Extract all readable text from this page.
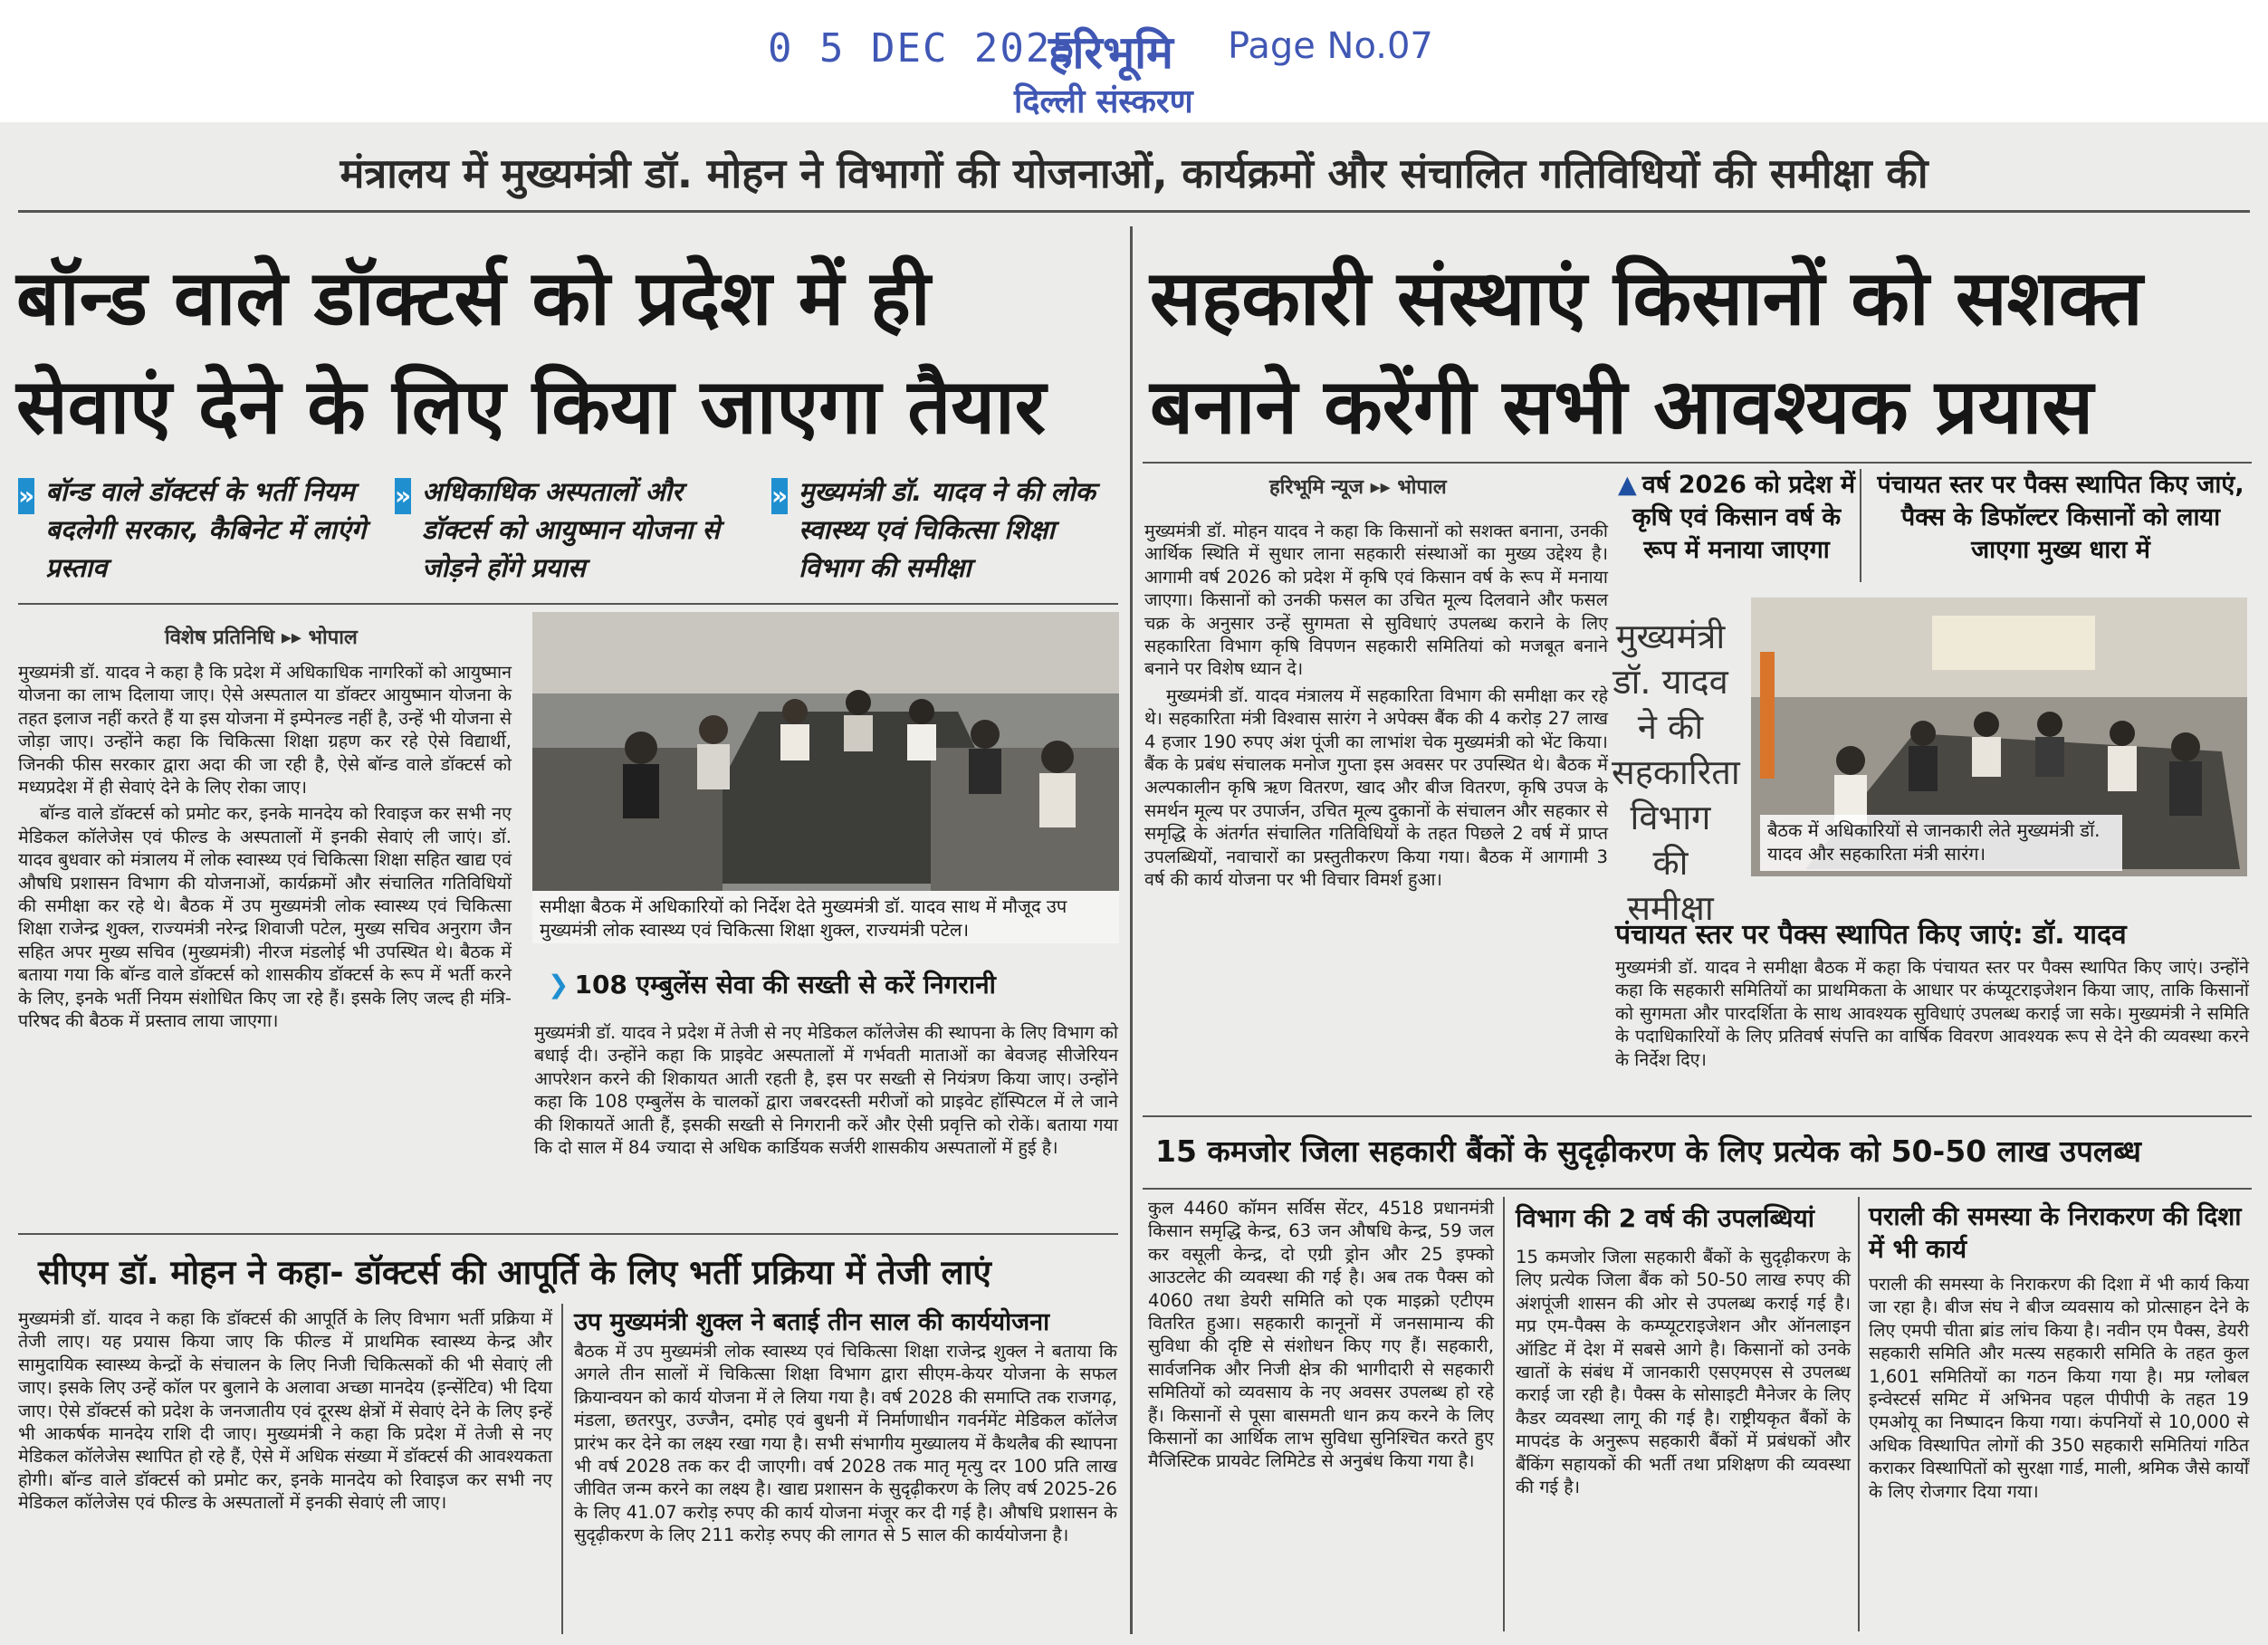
0 5 DEC 2025
हरिभूमि Page No.07
दिल्ली संस्करण
मंत्रालय में मुख्यमंत्री डॉ. मोहन ने विभागों की योजनाओं, कार्यक्रमों और संचालित गतिविधियों की समीक्षा की
बॉन्ड वाले डॉक्टर्स को प्रदेश में ही
सेवाएं देने के लिए किया जाएगा तैयार
सहकारी संस्थाएं किसानों को सशक्त
बनाने करेंगी सभी आवश्यक प्रयास
» बॉन्ड वाले डॉक्टर्स के भर्ती नियम बदलेगी सरकार, कैबिनेट में लाएंगे प्रस्ताव
» अधिकाधिक अस्पतालों और डॉक्टर्स को आयुष्मान योजना से जोड़ने होंगे प्रयास
» मुख्यमंत्री डॉ. यादव ने की लोक स्वास्थ्य एवं चिकित्सा शिक्षा विभाग की समीक्षा
विशेष प्रतिनिधि ▸▸ भोपाल

मुख्यमंत्री डॉ. यादव ने कहा है कि प्रदेश में अधिकाधिक नागरिकों को आयुष्मान योजना का लाभ दिलाया जाए। ऐसे अस्पताल या डॉक्टर आयुष्मान योजना के तहत इलाज नहीं करते हैं या इस योजना में इम्पेनल्ड नहीं है, उन्हें भी योजना से जोड़ा जाए। उन्होंने कहा कि चिकित्सा शिक्षा ग्रहण कर रहे ऐसे विद्यार्थी, जिनकी फीस सरकार द्वारा अदा की जा रही है, ऐसे बॉन्ड वाले डॉक्टर्स को मध्यप्रदेश में ही सेवाएं देने के लिए रोका जाए।

बॉन्ड वाले डॉक्टर्स को प्रमोट कर, इनके मानदेय को रिवाइज कर सभी नए मेडिकल कॉलेजेस एवं फील्ड के अस्पतालों में इनकी सेवाएं ली जाएं। डॉ. यादव बुधवार को मंत्रालय में लोक स्वास्थ्य एवं चिकित्सा शिक्षा सहित खाद्य एवं औषधि प्रशासन विभाग की योजनाओं, कार्यक्रमों और संचालित गतिविधियों की समीक्षा कर रहे थे। बैठक में उप मुख्यमंत्री लोक स्वास्थ्य एवं चिकित्सा शिक्षा राजेन्द्र शुक्ल, राज्यमंत्री नरेन्द्र शिवाजी पटेल, मुख्य सचिव अनुराग जैन सहित अपर मुख्य सचिव (मुख्यमंत्री) नीरज मंडलोई भी उपस्थित थे। बैठक में बताया गया कि बॉन्ड वाले डॉक्टर्स को शासकीय डॉक्टर्स के रूप में भर्ती करने के लिए, इनके भर्ती नियम संशोधित किए जा रहे हैं। इसके लिए जल्द ही मंत्रि-परिषद की बैठक में प्रस्ताव लाया जाएगा।

समीक्षा बैठक में अधिकारियों को निर्देश देते मुख्यमंत्री डॉ. यादव साथ में मौजूद उप मुख्यमंत्री लोक स्वास्थ्य एवं चिकित्सा शिक्षा शुक्ल, राज्यमंत्री पटेल।
❯ 108 एम्बुलेंस सेवा की सख्ती से करें निगरानी
मुख्यमंत्री डॉ. यादव ने प्रदेश में तेजी से नए मेडिकल कॉलेजेस की स्थापना के लिए विभाग को बधाई दी। उन्होंने कहा कि प्राइवेट अस्पतालों में गर्भवती माताओं का बेवजह सीजेरियन आपरेशन करने की शिकायत आती रहती है, इस पर सख्ती से नियंत्रण किया जाए। उन्होंने कहा कि 108 एम्बुलेंस के चालकों द्वारा जबरदस्ती मरीजों को प्राइवेट हॉस्पिटल में ले जाने की शिकायतें आती हैं, इसकी सख्ती से निगरानी करें और ऐसी प्रवृत्ति को रोकें। बताया गया कि दो साल में 84 ज्यादा से अधिक कार्डियक सर्जरी शासकीय अस्पतालों में हुई है।
सीएम डॉ. मोहन ने कहा- डॉक्टर्स की आपूर्ति के लिए भर्ती प्रक्रिया में तेजी लाएं
मुख्यमंत्री डॉ. यादव ने कहा कि डॉक्टर्स की आपूर्ति के लिए विभाग भर्ती प्रक्रिया में तेजी लाए। यह प्रयास किया जाए कि फील्ड में प्राथमिक स्वास्थ्य केन्द्र और सामुदायिक स्वास्थ्य केन्द्रों के संचालन के लिए निजी चिकित्सकों की भी सेवाएं ली जाए। इसके लिए उन्हें कॉल पर बुलाने के अलावा अच्छा मानदेय (इन्सेंटिव) भी दिया जाए। ऐसे डॉक्टर्स को प्रदेश के जनजातीय एवं दूरस्थ क्षेत्रों में सेवाएं देने के लिए इन्हें भी आकर्षक मानदेय राशि दी जाए। मुख्यमंत्री ने कहा कि प्रदेश में तेजी से नए मेडिकल कॉलेजेस स्थापित हो रहे हैं, ऐसे में अधिक संख्या में डॉक्टर्स की आवश्यकता होगी। बॉन्ड वाले डॉक्टर्स को प्रमोट कर, इनके मानदेय को रिवाइज कर सभी नए मेडिकल कॉलेजेस एवं फील्ड के अस्पतालों में इनकी सेवाएं ली जाए।
उप मुख्यमंत्री शुक्ल ने बताई तीन साल की कार्ययोजना
बैठक में उप मुख्यमंत्री लोक स्वास्थ्य एवं चिकित्सा शिक्षा राजेन्द्र शुक्ल ने बताया कि अगले तीन सालों में चिकित्सा शिक्षा विभाग द्वारा सीएम-केयर योजना के सफल क्रियान्वयन को कार्य योजना में ले लिया गया है। वर्ष 2028 की समाप्ति तक राजगढ़, मंडला, छतरपुर, उज्जैन, दमोह एवं बुधनी में निर्माणाधीन गवर्नमेंट मेडिकल कॉलेज प्रारंभ कर देने का लक्ष्य रखा गया है। सभी संभागीय मुख्यालय में कैथलैब की स्थापना भी वर्ष 2028 तक कर दी जाएगी। वर्ष 2028 तक मातृ मृत्यु दर 100 प्रति लाख जीवित जन्म करने का लक्ष्य है। खाद्य प्रशासन के सुदृढ़ीकरण के लिए वर्ष 2025-26 के लिए 41.07 करोड़ रुपए की कार्य योजना मंजूर कर दी गई है। औषधि प्रशासन के सुदृढ़ीकरण के लिए 211 करोड़ रुपए की लागत से 5 साल की कार्ययोजना है।
हरिभूमि न्यूज ▸▸ भोपाल

मुख्यमंत्री डॉ. मोहन यादव ने कहा कि किसानों को सशक्त बनाना, उनकी आर्थिक स्थिति में सुधार लाना सहकारी संस्थाओं का मुख्य उद्देश्य है। आगामी वर्ष 2026 को प्रदेश में कृषि एवं किसान वर्ष के रूप में मनाया जाएगा। किसानों को उनकी फसल का उचित मूल्य दिलवाने और फसल चक्र के अनुसार उन्हें सुगमता से सुविधाएं उपलब्ध कराने के लिए सहकारिता विभाग कृषि विपणन सहकारी समितियां को मजबूत बनाने बनाने पर विशेष ध्यान दे।

मुख्यमंत्री डॉ. यादव मंत्रालय में सहकारिता विभाग की समीक्षा कर रहे थे। सहकारिता मंत्री विश्वास सारंग ने अपेक्स बैंक की 4 करोड़ 27 लाख 4 हजार 190 रुपए अंश पूंजी का लाभांश चेक मुख्यमंत्री को भेंट किया। बैंक के प्रबंध संचालक मनोज गुप्ता इस अवसर पर उपस्थित थे। बैठक में अल्पकालीन कृषि ऋण वितरण, खाद और बीज वितरण, कृषि उपज के समर्थन मूल्य पर उपार्जन, उचित मूल्य दुकानों के संचालन और सहकार से समृद्धि के अंतर्गत संचालित गतिविधियों के तहत पिछले 2 वर्ष में प्राप्त उपलब्धियों, नवाचारों का प्रस्तुतीकरण किया गया। बैठक में आगामी 3 वर्ष की कार्य योजना पर भी विचार विमर्श हुआ।

▲ वर्ष 2026 को प्रदेश में कृषि एवं किसान वर्ष के रूप में मनाया जाएगा
पंचायत स्तर पर पैक्स स्थापित किए जाएं, पैक्स के डिफॉल्टर किसानों को लाया जाएगा मुख्य धारा में
मुख्यमंत्री डॉ. यादव ने की सहकारिता विभाग की समीक्षा
बैठक में अधिकारियों से जानकारी लेते मुख्यमंत्री डॉ. यादव और सहकारिता मंत्री सारंग।
पंचायत स्तर पर पैक्स स्थापित किए जाएं: डॉ. यादव
मुख्यमंत्री डॉ. यादव ने समीक्षा बैठक में कहा कि पंचायत स्तर पर पैक्स स्थापित किए जाएं। उन्होंने कहा कि सहकारी समितियों का प्राथमिकता के आधार पर कंप्यूटराइजेशन किया जाए, ताकि किसानों को सुगमता और पारदर्शिता के साथ आवश्यक सुविधाएं उपलब्ध कराई जा सके। मुख्यमंत्री ने समिति के पदाधिकारियों के लिए प्रतिवर्ष संपत्ति का वार्षिक विवरण आवश्यक रूप से देने की व्यवस्था करने के निर्देश दिए।
15 कमजोर जिला सहकारी बैंकों के सुदृढ़ीकरण के लिए प्रत्येक को 50-50 लाख उपलब्ध
कुल 4460 कॉमन सर्विस सेंटर, 4518 प्रधानमंत्री किसान समृद्धि केन्द्र, 63 जन औषधि केन्द्र, 59 जल कर वसूली केन्द्र, दो एग्री ड्रोन और 25 इफ्को आउटलेट की व्यवस्था की गई है। अब तक पैक्स को 4060 तथा डेयरी समिति को एक माइक्रो एटीएम वितरित हुआ। सहकारी कानूनों में जनसामान्य की सुविधा की दृष्टि से संशोधन किए गए हैं। सहकारी, सार्वजनिक और निजी क्षेत्र की भागीदारी से सहकारी समितियों को व्यवसाय के नए अवसर उपलब्ध हो रहे हैं। किसानों से पूसा बासमती धान क्रय करने के लिए किसानों का आर्थिक लाभ सुविधा सुनिश्चित करते हुए मैजिस्टिक प्रायवेट लिमिटेड से अनुबंध किया गया है।
विभाग की 2 वर्ष की उपलब्धियां
15 कमजोर जिला सहकारी बैंकों के सुदृढ़ीकरण के लिए प्रत्येक जिला बैंक को 50-50 लाख रुपए की अंशपूंजी शासन की ओर से उपलब्ध कराई गई है। मप्र एम-पैक्स के कम्प्यूटराइजेशन और ऑनलाइन ऑडिट में देश में सबसे आगे है। किसानों को उनके खातों के संबंध में जानकारी एसएमएस से उपलब्ध कराई जा रही है। पैक्स के सोसाइटी मैनेजर के लिए कैडर व्यवस्था लागू की गई है। राष्ट्रीयकृत बैंकों के मापदंड के अनुरूप सहकारी बैंकों में प्रबंधकों और बैंकिंग सहायकों की भर्ती तथा प्रशिक्षण की व्यवस्था की गई है।
पराली की समस्या के निराकरण की दिशा में भी कार्य
पराली की समस्या के निराकरण की दिशा में भी कार्य किया जा रहा है। बीज संघ ने बीज व्यवसाय को प्रोत्साहन देने के लिए एमपी चीता ब्रांड लांच किया है। नवीन एम पैक्स, डेयरी सहकारी समिति और मत्स्य सहकारी समिति के तहत कुल 1,601 समितियों का गठन किया गया है। मप्र ग्लोबल इन्वेस्टर्स समिट में अभिनव पहल पीपीपी के तहत 19 एमओयू का निष्पादन किया गया। कंपनियों से 10,000 से अधिक विस्थापित लोगों की 350 सहकारी समितियां गठित कराकर विस्थापितों को सुरक्षा गार्ड, माली, श्रमिक जैसे कार्यों के लिए रोजगार दिया गया।
